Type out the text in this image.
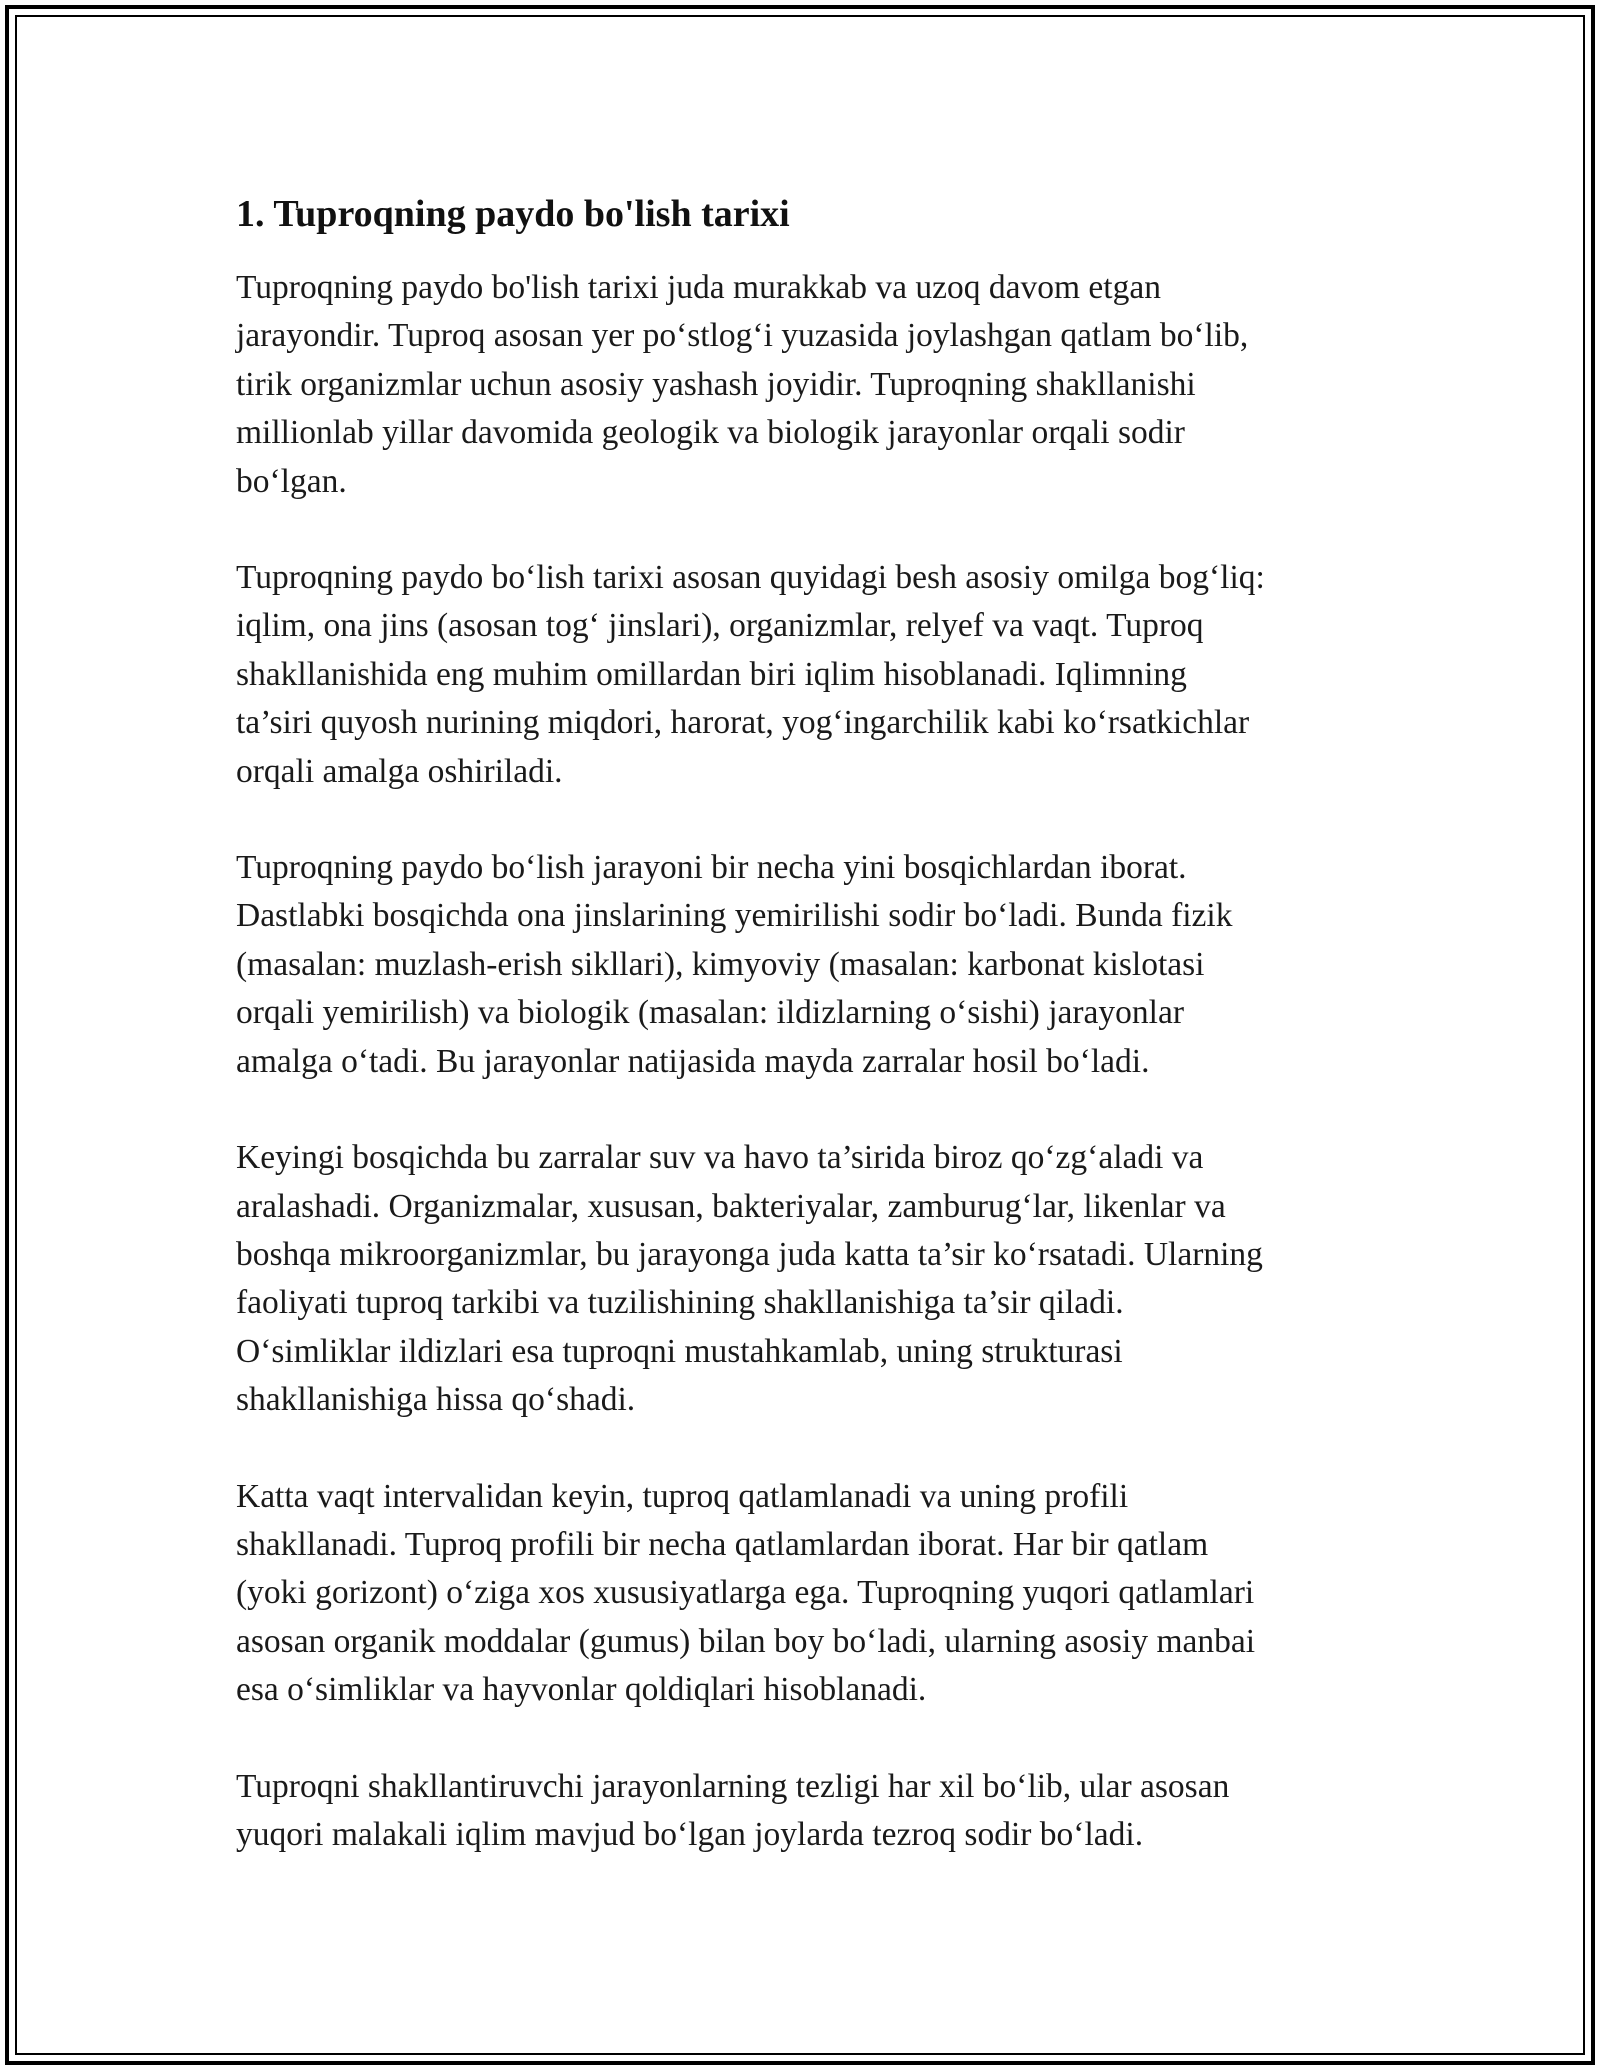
1. Tuproqning paydo bo'lish tarixi

Tuproqning paydo bo'lish tarixi juda murakkab va uzoq davom etgan
jarayondir. Tuproq asosan yer po‘stlog‘i yuzasida joylashgan qatlam bo‘lib,
tirik organizmlar uchun asosiy yashash joyidir. Tuproqning shakllanishi
millionlab yillar davomida geologik va biologik jarayonlar orqali sodir
bo‘lgan.

Tuproqning paydo bo‘lish tarixi asosan quyidagi besh asosiy omilga bog‘liq:
iqlim, ona jins (asosan tog‘ jinslari), organizmlar, relyef va vaqt. Tuproq
shakllanishida eng muhim omillardan biri iqlim hisoblanadi. Iqlimning
ta’siri quyosh nurining miqdori, harorat, yog‘ingarchilik kabi ko‘rsatkichlar
orqali amalga oshiriladi.

Tuproqning paydo bo‘lish jarayoni bir necha yini bosqichlardan iborat.
Dastlabki bosqichda ona jinslarining yemirilishi sodir bo‘ladi. Bunda fizik
(masalan: muzlash-erish sikllari), kimyoviy (masalan: karbonat kislotasi
orqali yemirilish) va biologik (masalan: ildizlarning o‘sishi) jarayonlar
amalga o‘tadi. Bu jarayonlar natijasida mayda zarralar hosil bo‘ladi.

Keyingi bosqichda bu zarralar suv va havo ta’sirida biroz qo‘zg‘aladi va
aralashadi. Organizmalar, xususan, bakteriyalar, zamburug‘lar, likenlar va
boshqa mikroorganizmlar, bu jarayonga juda katta ta’sir ko‘rsatadi. Ularning
faoliyati tuproq tarkibi va tuzilishining shakllanishiga ta’sir qiladi.
O‘simliklar ildizlari esa tuproqni mustahkamlab, uning strukturasi
shakllanishiga hissa qo‘shadi.

Katta vaqt intervalidan keyin, tuproq qatlamlanadi va uning profili
shakllanadi. Tuproq profili bir necha qatlamlardan iborat. Har bir qatlam
(yoki gorizont) o‘ziga xos xususiyatlarga ega. Tuproqning yuqori qatlamlari
asosan organik moddalar (gumus) bilan boy bo‘ladi, ularning asosiy manbai
esa o‘simliklar va hayvonlar qoldiqlari hisoblanadi.

Tuproqni shakllantiruvchi jarayonlarning tezligi har xil bo‘lib, ular asosan
yuqori malakali iqlim mavjud bo‘lgan joylarda tezroq sodir bo‘ladi.
